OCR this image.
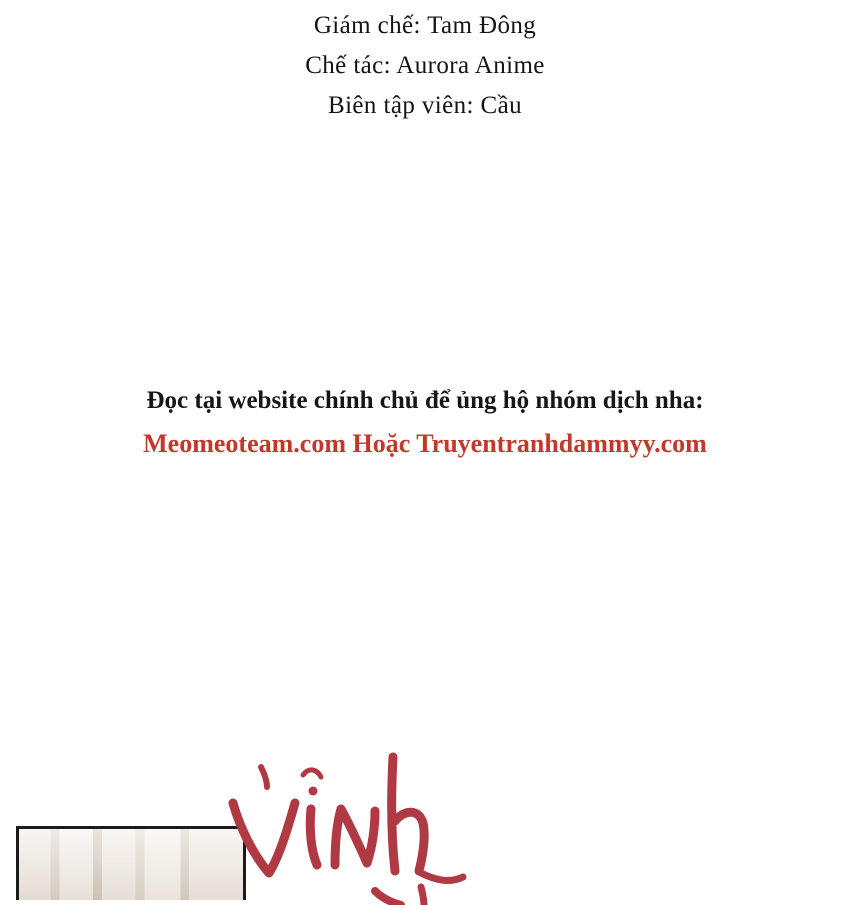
Giám chế: Tam Đông
Chế tác: Aurora Anime
Biên tập viên: Cầu
Đọc tại website chính chủ để ủng hộ nhóm dịch nha:
Meomeoteam.com Hoặc Truyentranhdammyy.com
